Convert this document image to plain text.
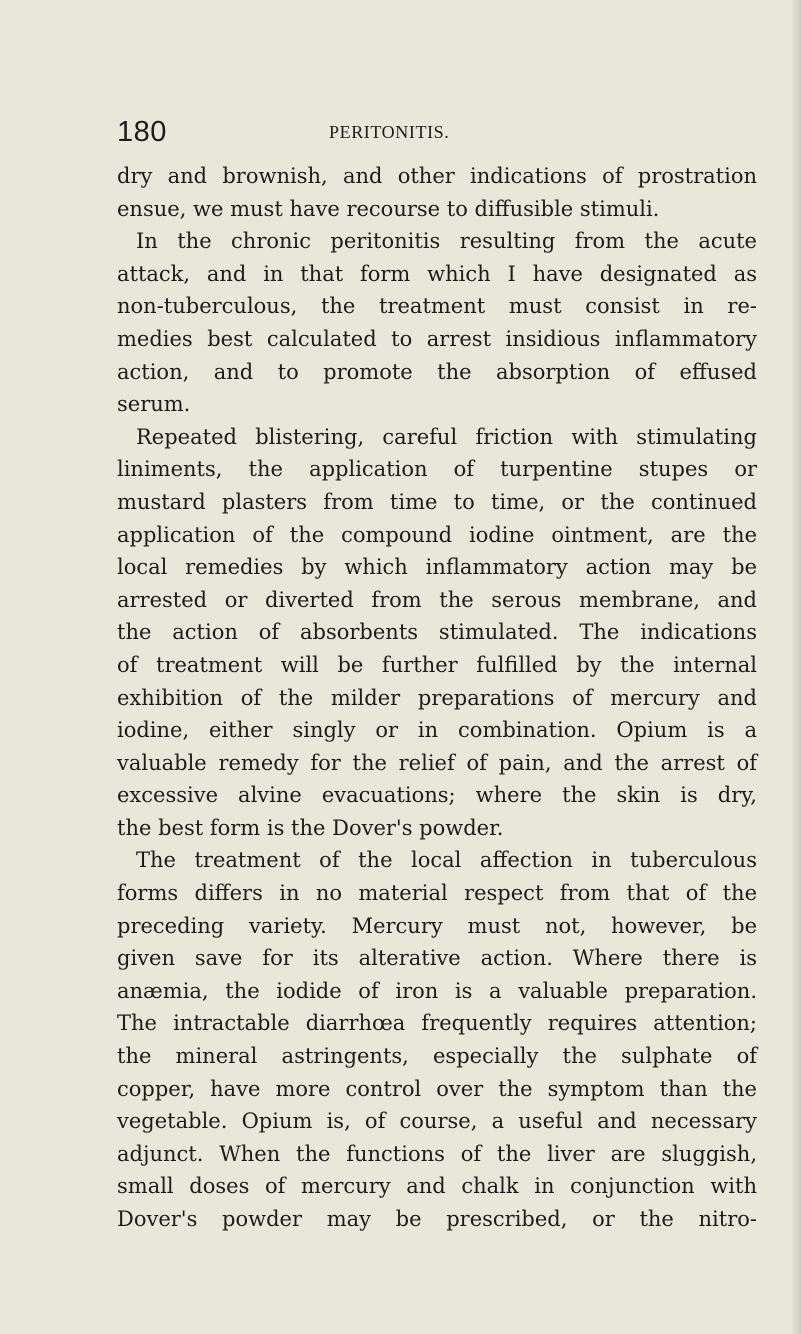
180	PERITONITIS.
dry and brownish, and other indications of prostration
ensue, we must have recourse to diffusible stimuli.
In the chronic peritonitis resulting from the acute
attack, and in that form which I have designated as
non-tuberculous, the treatment must consist in re-
medies best calculated to arrest insidious inflammatory
action, and to promote the absorption of effused
serum.
Repeated blistering, careful friction with stimulating
liniments, the application of turpentine stupes or
mustard plasters from time to time, or the continued
application of the compound iodine ointment, are the
local remedies by which inflammatory action may be
arrested or diverted from the serous membrane, and
the action of absorbents stimulated. The indications
of treatment will be further fulfilled by the internal
exhibition of the milder preparations of mercury and
iodine, either singly or in combination. Opium is a
valuable remedy for the relief of pain, and the arrest of
excessive alvine evacuations; where the skin is dry,
the best form is the Dover's powder.
The treatment of the local affection in tuberculous
forms differs in no material respect from that of the
preceding variety. Mercury must not, however, be
given save for its alterative action. Where there is
anæmia, the iodide of iron is a valuable preparation.
The intractable diarrhœa frequently requires attention;
the mineral astringents, especially the sulphate of
copper, have more control over the symptom than the
vegetable. Opium is, of course, a useful and necessary
adjunct. When the functions of the liver are sluggish,
small doses of mercury and chalk in conjunction with
Dover's powder may be prescribed, or the nitro-
